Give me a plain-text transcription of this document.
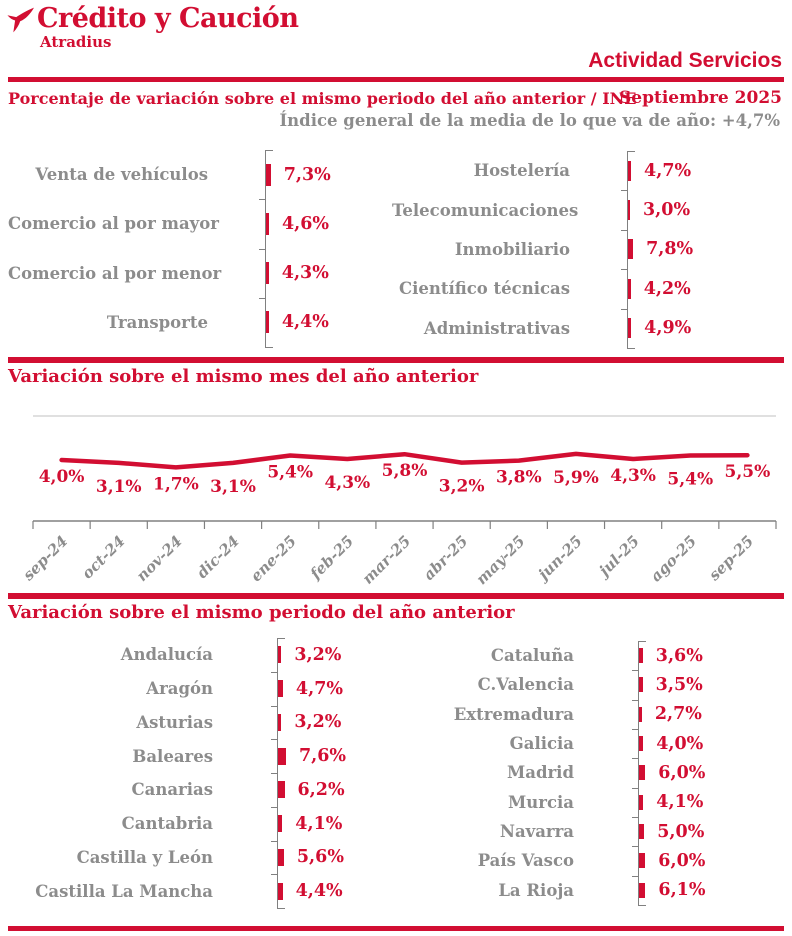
Crédito y Caución
Atradius
Actividad Servicios
Porcentaje de variación sobre el mismo periodo del año anterior / INE
Septiembre 2025
Índice general de la media de lo que va de año: +4,7%
Venta de vehículos	7,3%
Comercio al por mayor	4,6%
Comercio al por menor	4,3%
Transporte	4,4%
Hostelería	4,7%
Telecomunicaciones	3,0%
Inmobiliario	7,8%
Científico técnicas	4,2%
Administrativas	4,9%
Variación sobre el mismo mes del año anterior
4,0% 3,1% 1,7% 3,1%
5,4%
4,3%
5,8%
3,2% 3,8% 5,9% 4,3% 5,4% 5,5%
sep-24 oct-24 nov-24 dic-24 ene-25 feb-25 mar-25 abr-25 may-25 jun-25 jul-25 ago-25 sep-25
Variación sobre el mismo periodo del año anterior
Andalucía	3,2%
Aragón	4,7%
Asturias	3,2%
Baleares	7,6%
Canarias	6,2%
Cantabria	4,1%
Castilla y León	5,6%
Castilla La Mancha	4,4%
Cataluña	3,6%
C.Valencia	3,5%
Extremadura	2,7%
Galicia	4,0%
Madrid	6,0%
Murcia	4,1%
Navarra	5,0%
País Vasco	6,0%
La Rioja	6,1%
